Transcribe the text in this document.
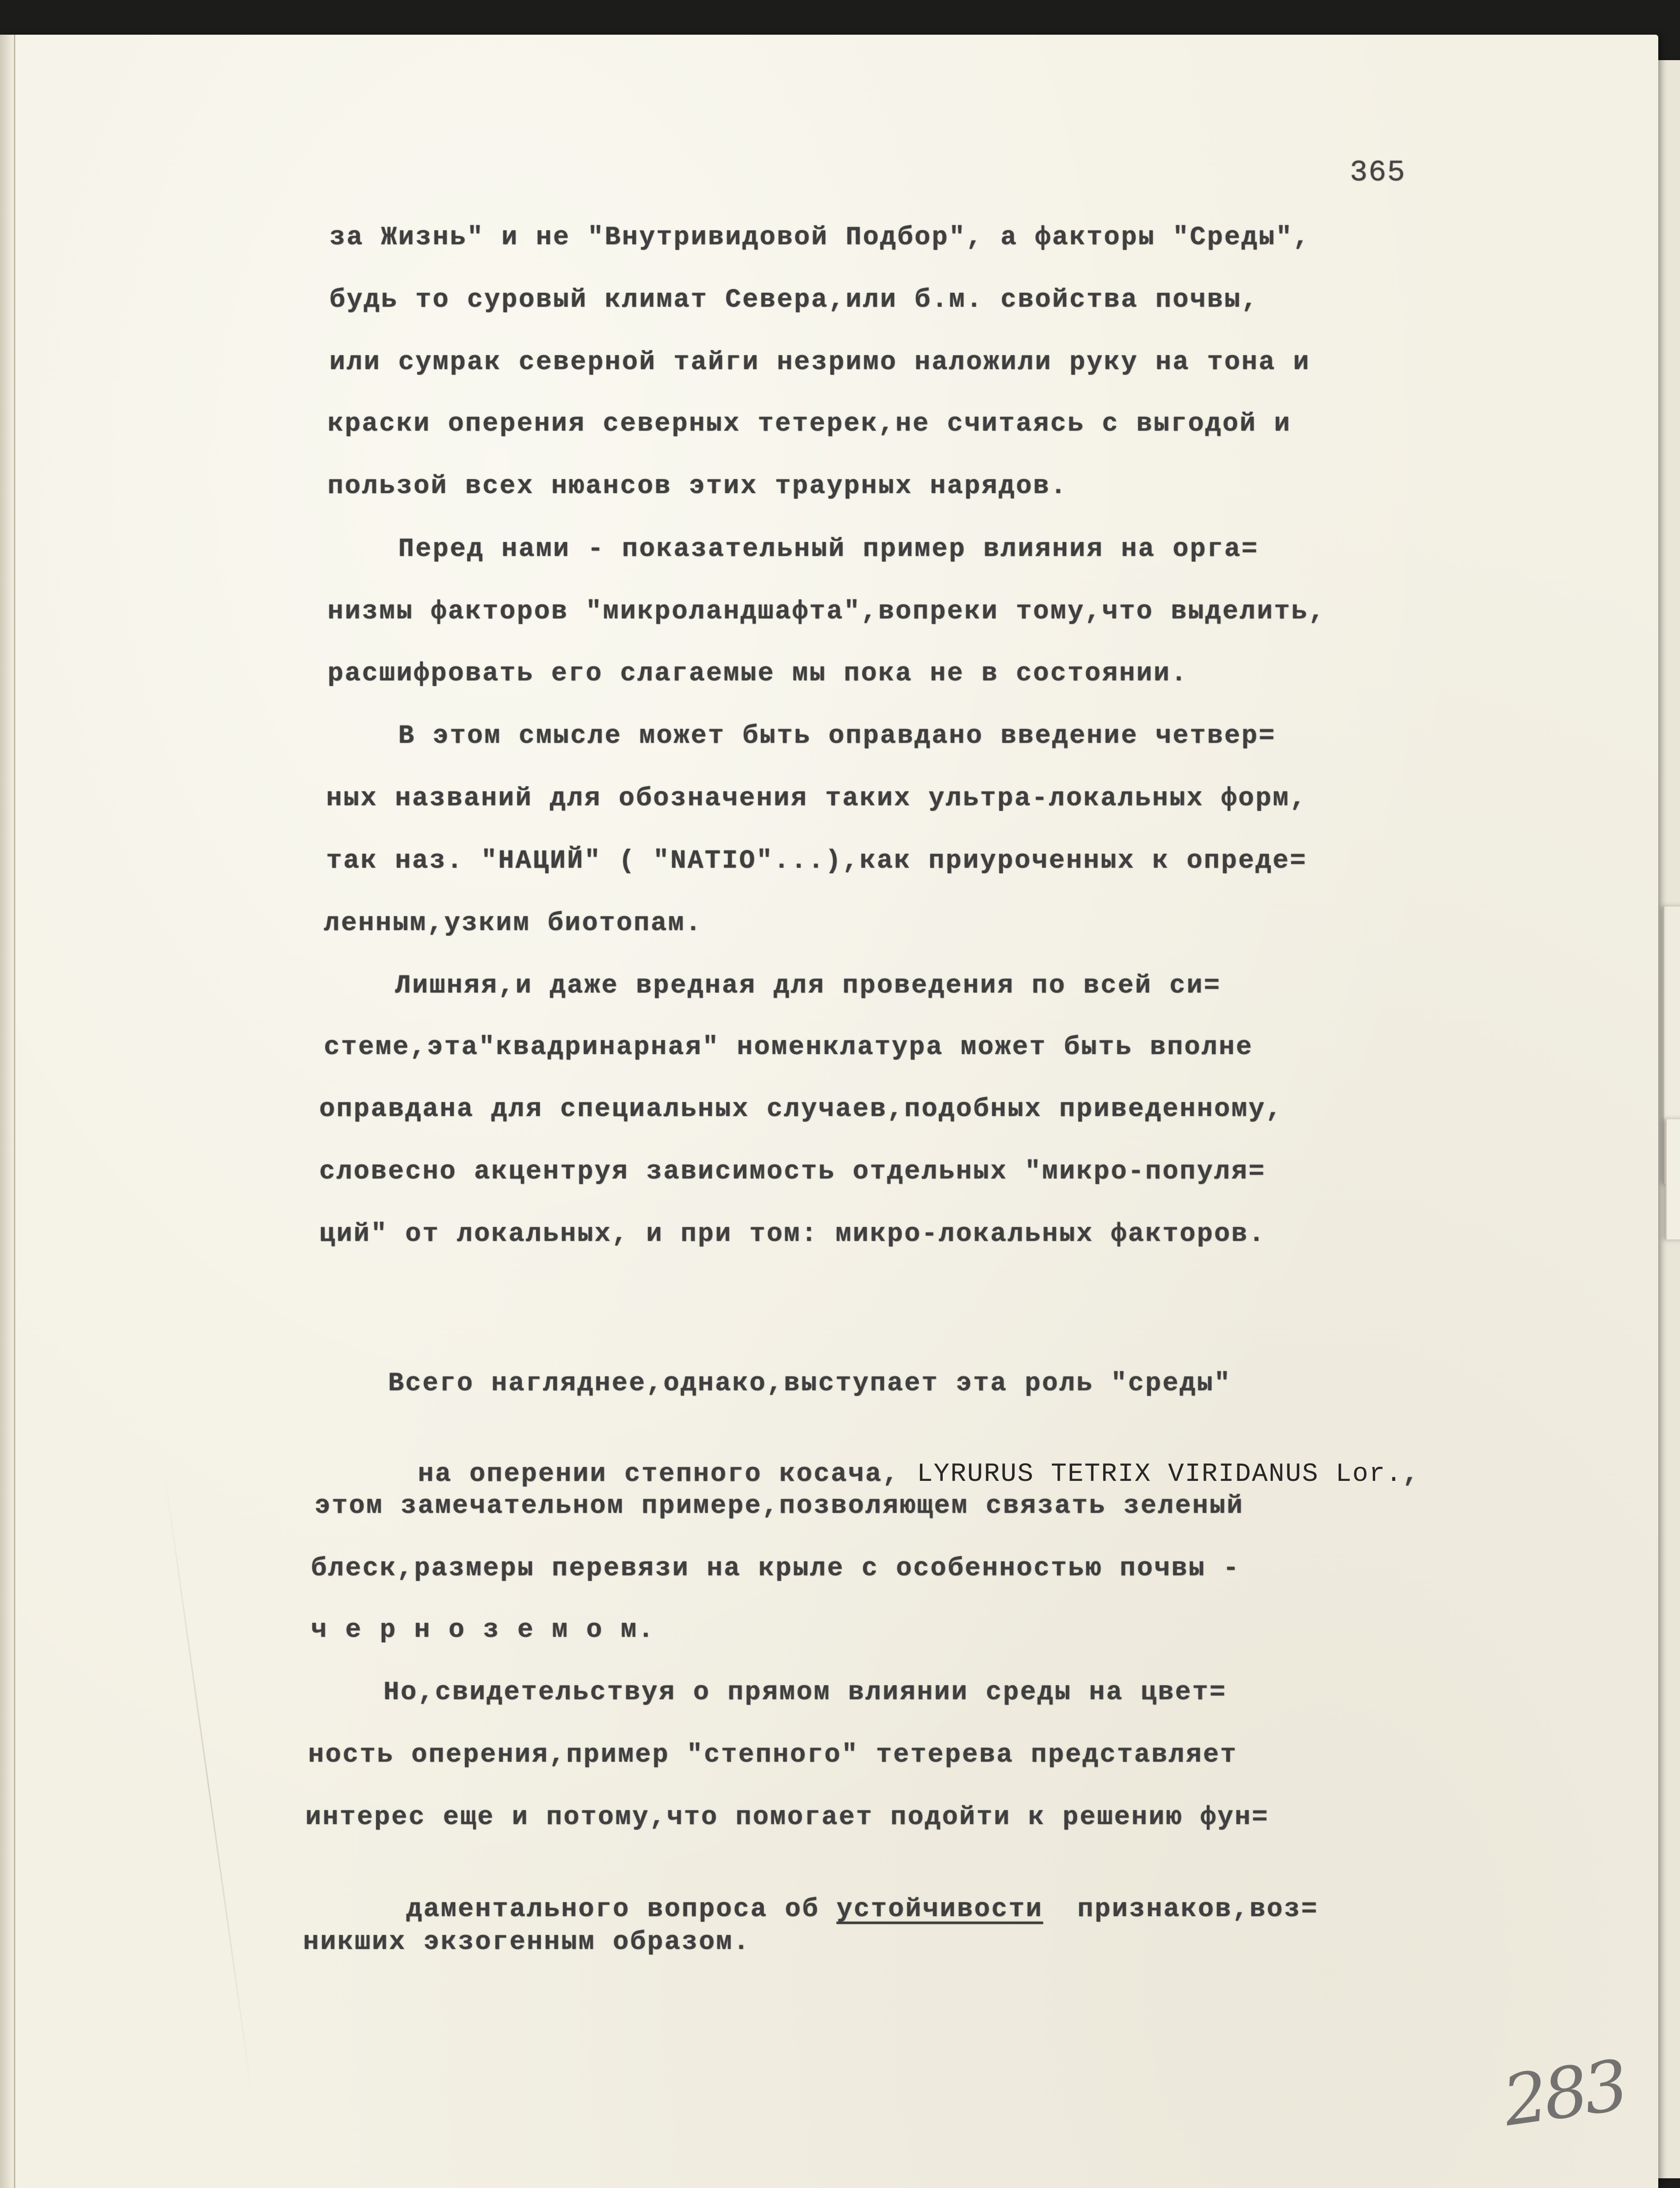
365
за Жизнь" и не "Внутривидовой Подбор", а факторы "Среды",
будь то суровый климат Севера,или б.м. свойства почвы,
или сумрак северной тайги незримо наложили руку на тона и
краски оперения северных тетерек,не считаясь с выгодой и
пользой всех нюансов этих траурных нарядов.
Перед нами - показательный пример влияния на орга=
низмы факторов "микроландшафта",вопреки тому,что выделить,
расшифровать его слагаемые мы пока не в состоянии.
В этом смысле может быть оправдано введение четвер=
ных названий для обозначения таких ультра-локальных форм,
так наз. "НАЦИЙ" ( "NATIO"...),как приуроченных к опреде=
ленным,узким биотопам.
Лишняя,и даже вредная для проведения по всей си=
стеме,эта"квадринарная" номенклатура может быть вполне
оправдана для специальных случаев,подобных приведенному,
словесно акцентруя зависимость отдельных "микро-популя=
ций" от локальных, и при том: микро-локальных факторов.
Всего нагляднее,однако,выступает эта роль "среды"

на оперении степного косача, LYRURUS TETRIX VIRIDANUS Lor.,

этом замечательном примере,позволяющем связать зеленый
блеск,размеры перевязи на крыле с особенностью почвы -
ч е р н о з е м о м.
Но,свидетельствуя о прямом влиянии среды на цвет=
ность оперения,пример "степного" тетерева представляет
интерес еще и потому,что помогает подойти к решению фун=

даментального вопроса об устойчивости признаков,воз=

никших экзогенным образом.
283
